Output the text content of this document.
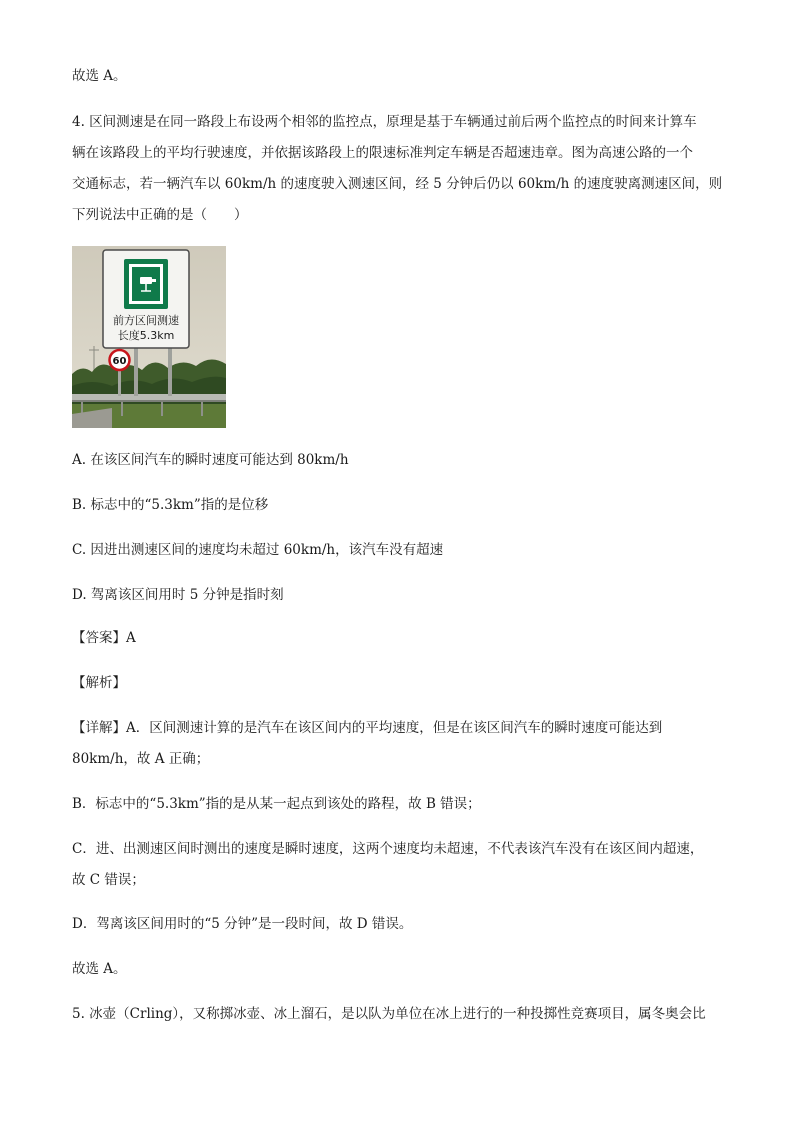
故选 A。
4. 区间测速是在同一路段上布设两个相邻的监控点，原理是基于车辆通过前后两个监控点的时间来计算车
辆在该路段上的平均行驶速度，并依据该路段上的限速标准判定车辆是否超速违章。图为高速公路的一个
交通标志，若一辆汽车以 60km/h 的速度驶入测速区间，经 5 分钟后仍以 60km/h 的速度驶离测速区间，则
下列说法中正确的是（　　）
前方区间测速
长度5.3km
60
A. 在该区间汽车的瞬时速度可能达到 80km/h
B. 标志中的“5.3km”指的是位移
C. 因进出测速区间的速度均未超过 60km/h，该汽车没有超速
D. 驾离该区间用时 5 分钟是指时刻
【答案】A
【解析】
【详解】A．区间测速计算的是汽车在该区间内的平均速度，但是在该区间汽车的瞬时速度可能达到
80km/h，故 A 正确；
B．标志中的“5.3km”指的是从某一起点到该处的路程，故 B 错误；
C．进、出测速区间时测出的速度是瞬时速度，这两个速度均未超速，不代表该汽车没有在该区间内超速，
故 C 错误；
D．驾离该区间用时的“5 分钟”是一段时间，故 D 错误。
故选 A。
5. 冰壶（Crling），又称掷冰壶、冰上溜石，是以队为单位在冰上进行的一种投掷性竞赛项目，属冬奥会比
